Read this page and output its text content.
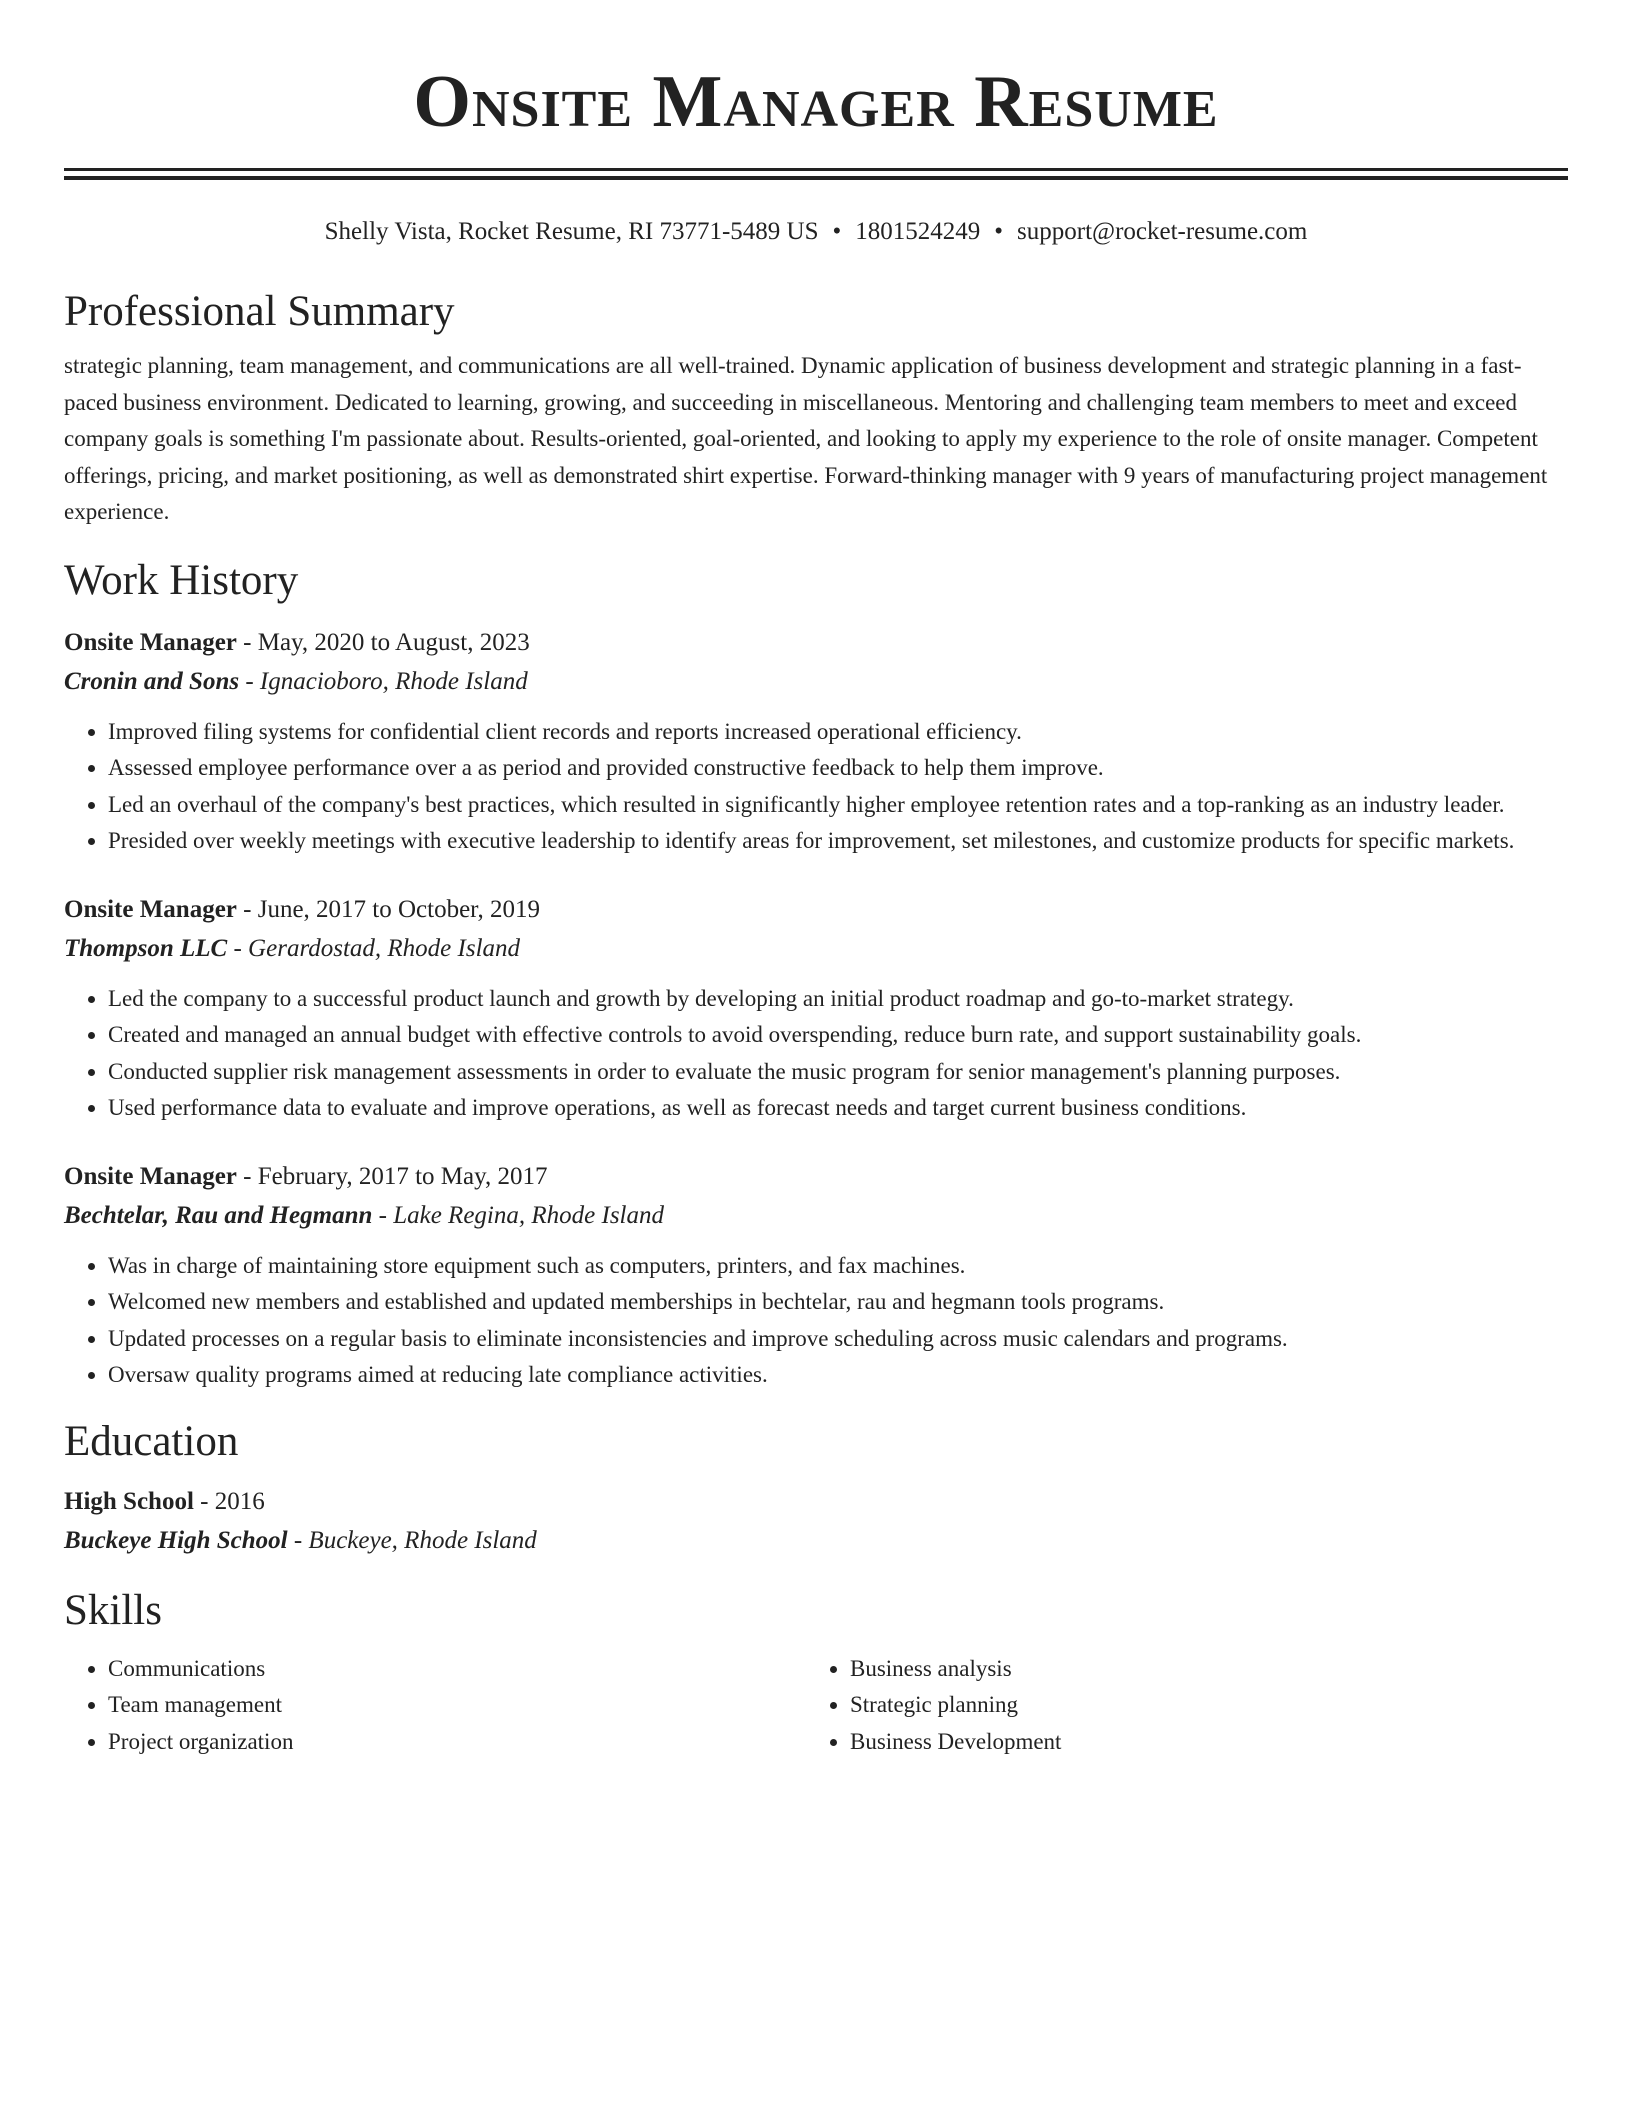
Onsite Manager Resume
Shelly Vista, Rocket Resume, RI 73771-5489 US • 1801524249 • support@rocket-resume.com
Professional Summary

strategic planning, team management, and communications are all well-trained. Dynamic application of business development and strategic planning in a fast-paced business environment. Dedicated to learning, growing, and succeeding in miscellaneous. Mentoring and challenging team members to meet and exceed company goals is something I'm passionate about. Results-oriented, goal-oriented, and looking to apply my experience to the role of onsite manager. Competent offerings, pricing, and market positioning, as well as demonstrated shirt expertise. Forward-thinking manager with 9 years of manufacturing project management experience.

Work History
Onsite Manager - May, 2020 to August, 2023
Cronin and Sons - Ignacioboro, Rhode Island
• Improved filing systems for confidential client records and reports increased operational efficiency.
• Assessed employee performance over a as period and provided constructive feedback to help them improve.
• Led an overhaul of the company's best practices, which resulted in significantly higher employee retention rates and a top-ranking as an industry leader.
• Presided over weekly meetings with executive leadership to identify areas for improvement, set milestones, and customize products for specific markets.
Onsite Manager - June, 2017 to October, 2019
Thompson LLC - Gerardostad, Rhode Island
• Led the company to a successful product launch and growth by developing an initial product roadmap and go-to-market strategy.
• Created and managed an annual budget with effective controls to avoid overspending, reduce burn rate, and support sustainability goals.
• Conducted supplier risk management assessments in order to evaluate the music program for senior management's planning purposes.
• Used performance data to evaluate and improve operations, as well as forecast needs and target current business conditions.
Onsite Manager - February, 2017 to May, 2017
Bechtelar, Rau and Hegmann - Lake Regina, Rhode Island
• Was in charge of maintaining store equipment such as computers, printers, and fax machines.
• Welcomed new members and established and updated memberships in bechtelar, rau and hegmann tools programs.
• Updated processes on a regular basis to eliminate inconsistencies and improve scheduling across music calendars and programs.
• Oversaw quality programs aimed at reducing late compliance activities.
Education
High School - 2016
Buckeye High School - Buckeye, Rhode Island
Skills
• Communications
• Team management
• Project organization
• Business analysis
• Strategic planning
• Business Development
